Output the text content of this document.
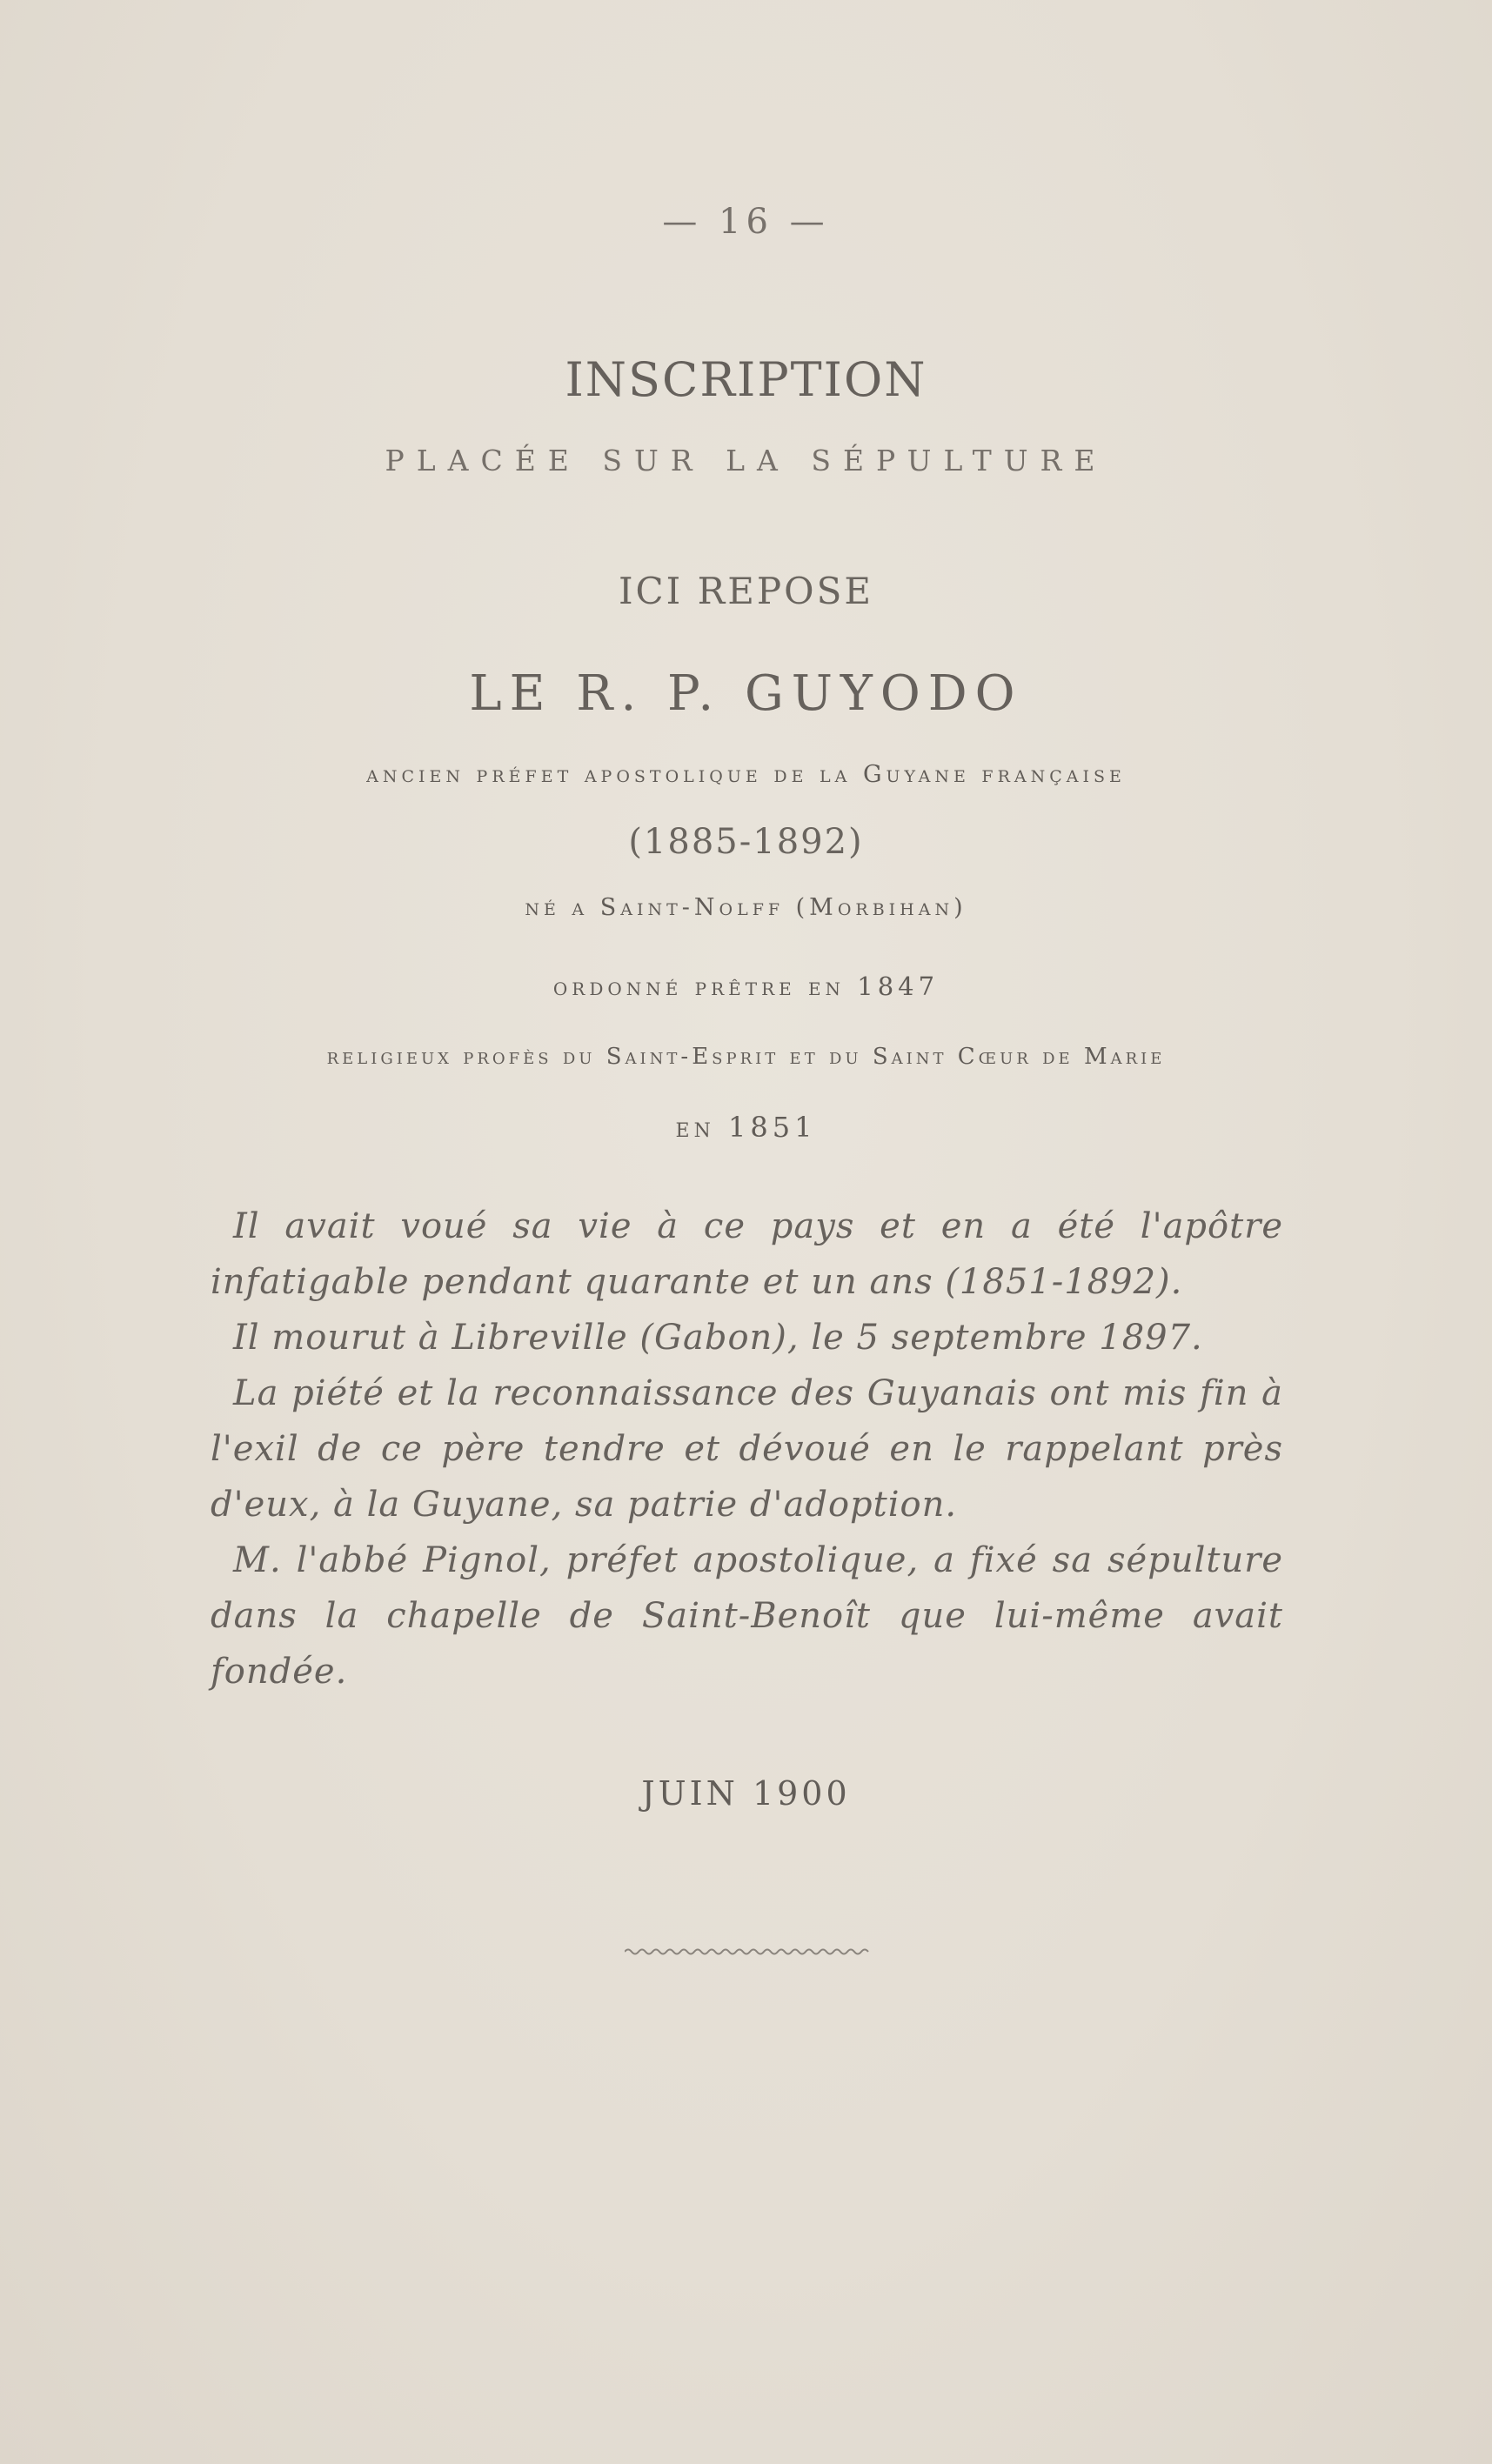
— 16 —
INSCRIPTION
PLACÉE SUR LA SÉPULTURE
ICI REPOSE
LE R. P. GUYODO
ancien préfet apostolique de la Guyane française
(1885-1892)
né a Saint-Nolff (Morbihan)
ordonné prêtre en 1847
religieux profès du Saint-Esprit et du Saint Cœur de Marie
en 1851

Il avait voué sa vie à ce pays et en a été l'apôtre infatigable pendant quarante et un ans (1851-1892).

Il mourut à Libreville (Gabon), le 5 septembre 1897.

La piété et la reconnaissance des Guyanais ont mis fin à l'exil de ce père tendre et dévoué en le rappelant près d'eux, à la Guyane, sa patrie d'adoption.

M. l'abbé Pignol, préfet apostolique, a fixé sa sépulture dans la chapelle de Saint-Benoît que lui-même avait fondée.

JUIN 1900
